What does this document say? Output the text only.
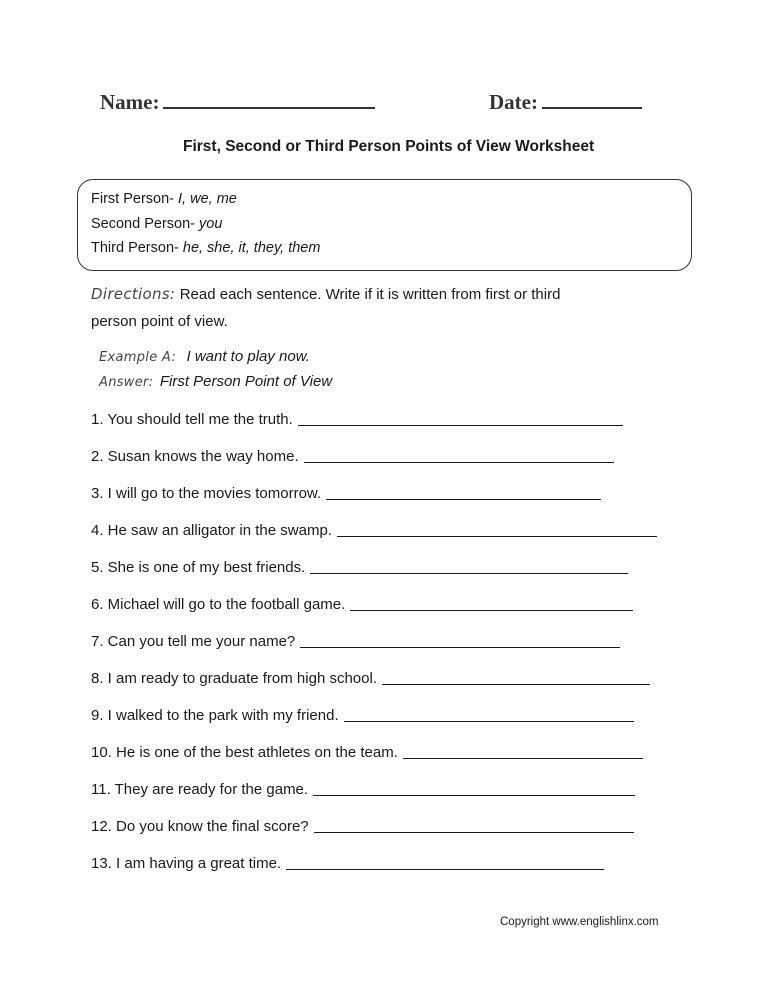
Name:	Date:
First, Second or Third Person Points of View Worksheet
First Person- I, we, me
Second Person- you
Third Person- he, she, it, they, them
Directions: Read each sentence. Write if it is written from first or third
person point of view.
Example A: I want to play now.
Answer: First Person Point of View
1. You should tell me the truth.
2. Susan knows the way home.
3. I will go to the movies tomorrow.
4. He saw an alligator in the swamp.
5. She is one of my best friends.
6. Michael will go to the football game.
7. Can you tell me your name?
8. I am ready to graduate from high school.
9. I walked to the park with my friend.
10. He is one of the best athletes on the team.
11. They are ready for the game.
12. Do you know the final score?
13. I am having a great time.
Copyright www.englishlinx.com
